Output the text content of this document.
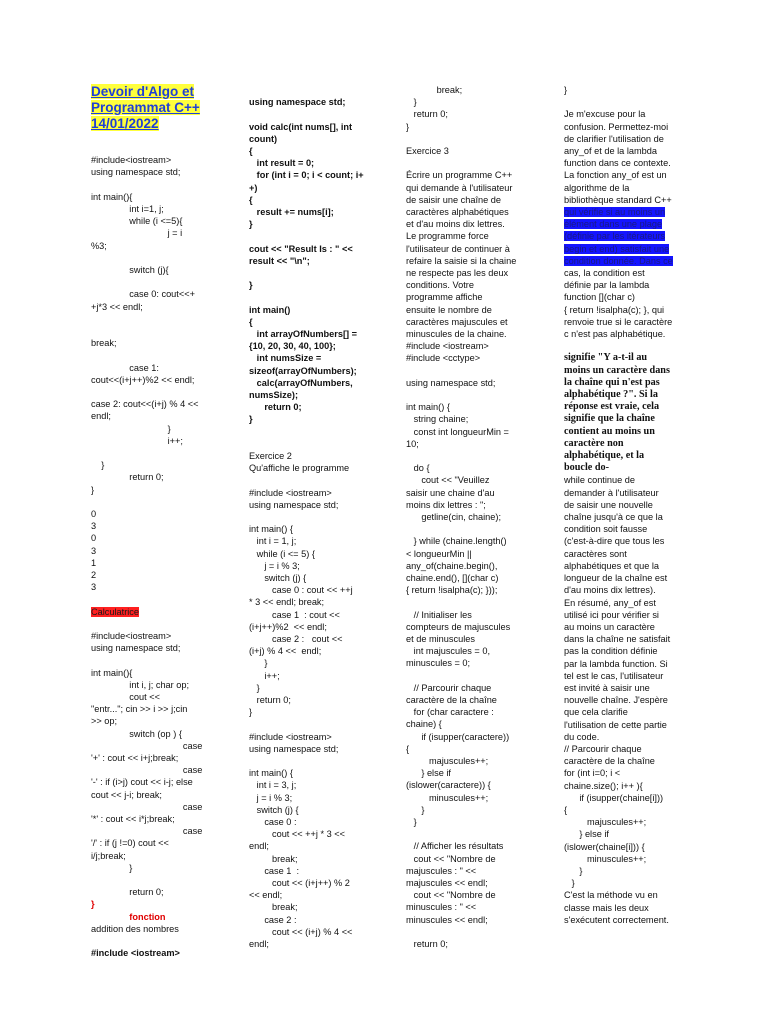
Devoir d'Algo et
Programmat C++
14/01/2022
#include<iostream>
using namespace std;
int main(){
int i=1, j;
while (i <=5){
j = i
%3;
switch (j){
case 0: cout<<+
+j*3 << endl;
break;
case 1:
cout<<(i+j++)%2 << endl;
case 2: cout<<(i+j) % 4 <<
endl;
}
i++;
}
return 0;
}
0
3
0
3
1
2
3
Calculatrice
#include<iostream>
using namespace std;
int main(){
int i, j; char op;
cout <<
"entr..."; cin >> i >> j;cin
>> op;
switch (op ) {
case
'+' : cout << i+j;break;
case
'-' : if (i>j) cout << i-j; else
cout << j-i; break;
case
'*' : cout << i*j;break;
case
'/' : if (j !=0) cout <<
i/j;break;
}
return 0;
}
fonction
addition des nombres
#include <iostream>
using namespace std;
void calc(int nums[], int
count)
{
int result = 0;
for (int i = 0; i < count; i+
+)
{
result += nums[i];
}
cout << "Result Is : " <<
result << "\n";
}
int main()
{
int arrayOfNumbers[] =
{10, 20, 30, 40, 100};
int numsSize =
sizeof(arrayOfNumbers);
calc(arrayOfNumbers,
numsSize);
return 0;
}
Exercice 2
Qu'affiche le programme
#include <iostream>
using namespace std;
int main() {
int i = 1, j;
while (i <= 5) {
j = i % 3;
switch (j) {
case 0 : cout << ++j
* 3 << endl; break;
case 1  : cout <<
(i+j++)%2  << endl;
case 2 :   cout <<
(i+j) % 4 <<  endl;
}
i++;
}
return 0;
}
#include <iostream>
using namespace std;
int main() {
int i = 3, j;
j = i % 3;
switch (j) {
case 0 :
cout << ++j * 3 <<
endl;
break;
case 1  :
cout << (i+j++) % 2
<< endl;
break;
case 2 :
cout << (i+j) % 4 <<
endl;
break;
}
return 0;
}
Exercice 3
Écrire un programme C++
qui demande à l'utilisateur
de saisir une chaîne de
caractères alphabétiques
et d'au moins dix lettres.
Le programme force
l'utilisateur de continuer à
refaire la saisie si la chaine
ne respecte pas les deux
conditions. Votre
programme affiche
ensuite le nombre de
caractères majuscules et
minuscules de la chaine.
#include <iostream>
#include <cctype>
using namespace std;
int main() {
string chaine;
const int longueurMin =
10;
do {
cout << "Veuillez
saisir une chaine d'au
moins dix lettres : ";
getline(cin, chaine);
} while (chaine.length()
< longueurMin ||
any_of(chaine.begin(),
chaine.end(), [](char c)
{ return !isalpha(c); }));
// Initialiser les
compteurs de majuscules
et de minuscules
int majuscules = 0,
minuscules = 0;
// Parcourir chaque
caractère de la chaîne
for (char caractere :
chaine) {
if (isupper(caractere))
{
majuscules++;
} else if
(islower(caractere)) {
minuscules++;
}
}
// Afficher les résultats
cout << "Nombre de
majuscules : " <<
majuscules << endl;
cout << "Nombre de
minuscules : " <<
minuscules << endl;
return 0;
}
Je m'excuse pour la
confusion. Permettez-moi
de clarifier l'utilisation de
any_of et de la lambda
function dans ce contexte.
La fonction any_of est un
algorithme de la
bibliothèque standard C++
qui vérifie si au moins un
élément dans une plage
(définie par les itérateurs
begin et end) satisfait une
condition donnée. Dans ce
cas, la condition est
définie par la lambda
function [](char c)
{ return !isalpha(c); }, qui
renvoie true si le caractère
c n'est pas alphabétique.
signifie "Y a-t-il au
moins un caractère dans
la chaîne qui n'est pas
alphabétique ?". Si la
réponse est vraie, cela
signifie que la chaîne
contient au moins un
caractère non
alphabétique, et la
boucle do-
while continue de
demander à l'utilisateur
de saisir une nouvelle
chaîne jusqu'à ce que la
condition soit fausse
(c'est-à-dire que tous les
caractères sont
alphabétiques et que la
longueur de la chaîne est
d'au moins dix lettres).
En résumé, any_of est
utilisé ici pour vérifier si
au moins un caractère
dans la chaîne ne satisfait
pas la condition définie
par la lambda function. Si
tel est le cas, l'utilisateur
est invité à saisir une
nouvelle chaîne. J'espère
que cela clarifie
l'utilisation de cette partie
du code.
// Parcourir chaque
caractère de la chaîne
for (int i=0; i <
chaine.size(); i++ ){
if (isupper(chaine[i]))
{
majuscules++;
} else if
(islower(chaine[i])) {
minuscules++;
}
}
C'est la méthode vu en
classe mais les deux
s'exécutent correctement.
